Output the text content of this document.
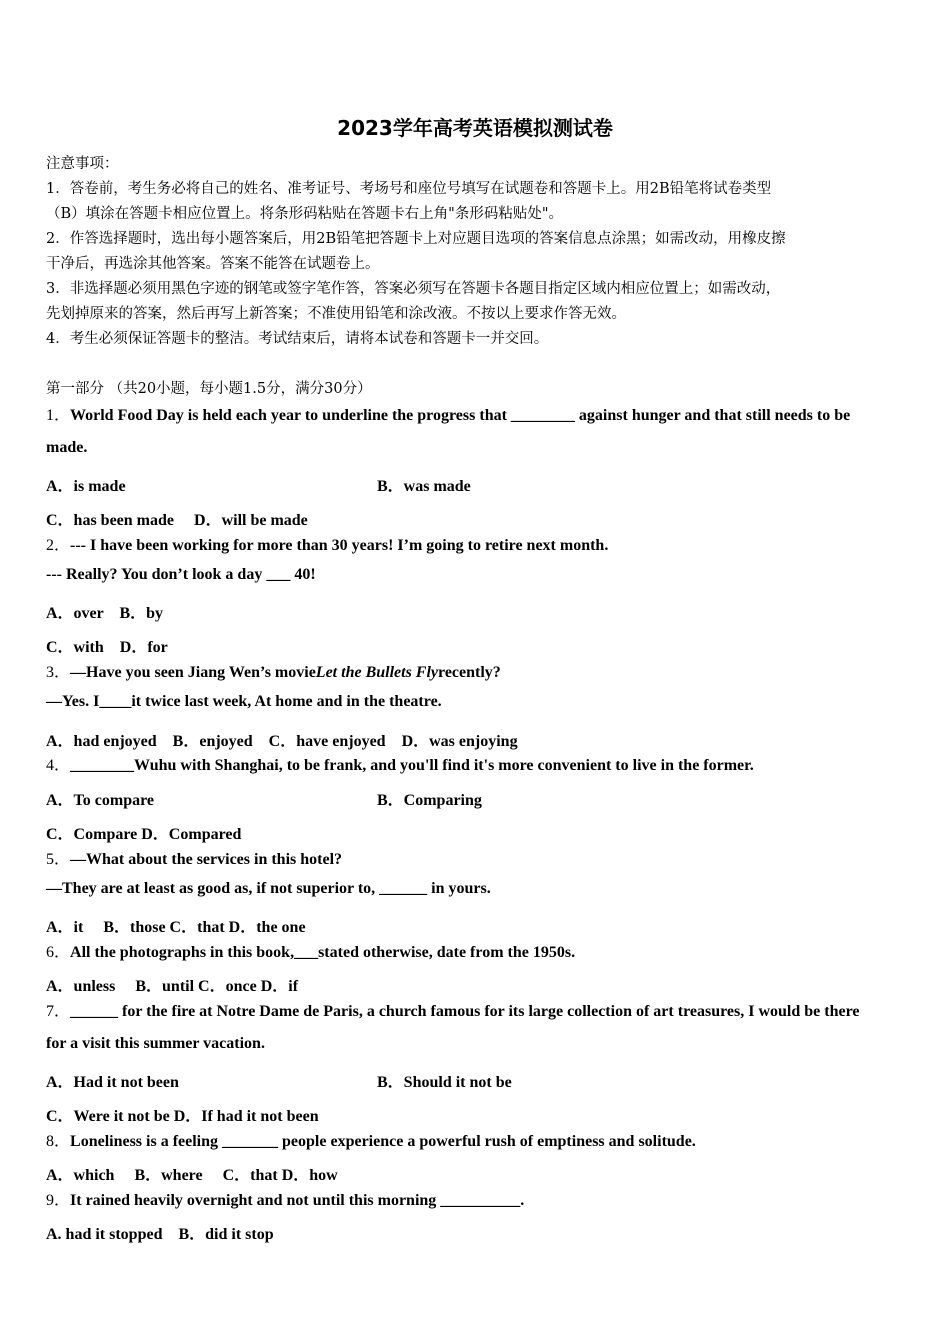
2023学年高考英语模拟测试卷
注意事项：
1．答卷前，考生务必将自己的姓名、准考证号、考场号和座位号填写在试题卷和答题卡上。用2B铅笔将试卷类型
（B）填涂在答题卡相应位置上。将条形码粘贴在答题卡右上角"条形码粘贴处"。
2．作答选择题时，选出每小题答案后，用2B铅笔把答题卡上对应题目选项的答案信息点涂黑；如需改动，用橡皮擦
干净后，再选涂其他答案。答案不能答在试题卷上。
3．非选择题必须用黑色字迹的钢笔或签字笔作答，答案必须写在答题卡各题目指定区域内相应位置上；如需改动，
先划掉原来的答案，然后再写上新答案；不准使用铅笔和涂改液。不按以上要求作答无效。
4．考生必须保证答题卡的整洁。考试结束后，请将本试卷和答题卡一并交回。
第一部分 （共20小题，每小题1.5分，满分30分）
1．World Food Day is held each year to underline the progress that ________ against hunger and that still needs to be
made.
A．is made	B．was made
C．has been made　 D．will be made
2．--- I have been working for more than 30 years! I’m going to retire next month.
--- Really? You don’t look a day ___ 40!
A．over　B．by
C．with　D．for
3．—Have you seen Jiang Wen’s movieLet the Bullets Flyrecently?
—Yes. I____it twice last week, At home and in the theatre.
A．had enjoyed　B．enjoyed　C．have enjoyed　D．was enjoying
4．________Wuhu with Shanghai, to be frank, and you'll find it's more convenient to live in the former.
A．To compare	B．Comparing
C．Compare D．Compared
5．—What about the services in this hotel?
—They are at least as good as, if not superior to, ______ in yours.
A．it　 B．those C．that D．the one
6．All the photographs in this book,___stated otherwise, date from the 1950s.
A．unless　 B．until C．once D．if
7．______ for the fire at Notre Dame de Paris, a church famous for its large collection of art treasures, I would be there
for a visit this summer vacation.
A．Had it not been	B．Should it not be
C．Were it not be D．If had it not been
8．Loneliness is a feeling _______ people experience a powerful rush of emptiness and solitude.
A．which　 B．where　 C．that D．how
9．It rained heavily overnight and not until this morning __________.
A. had it stopped　B．did it stop
